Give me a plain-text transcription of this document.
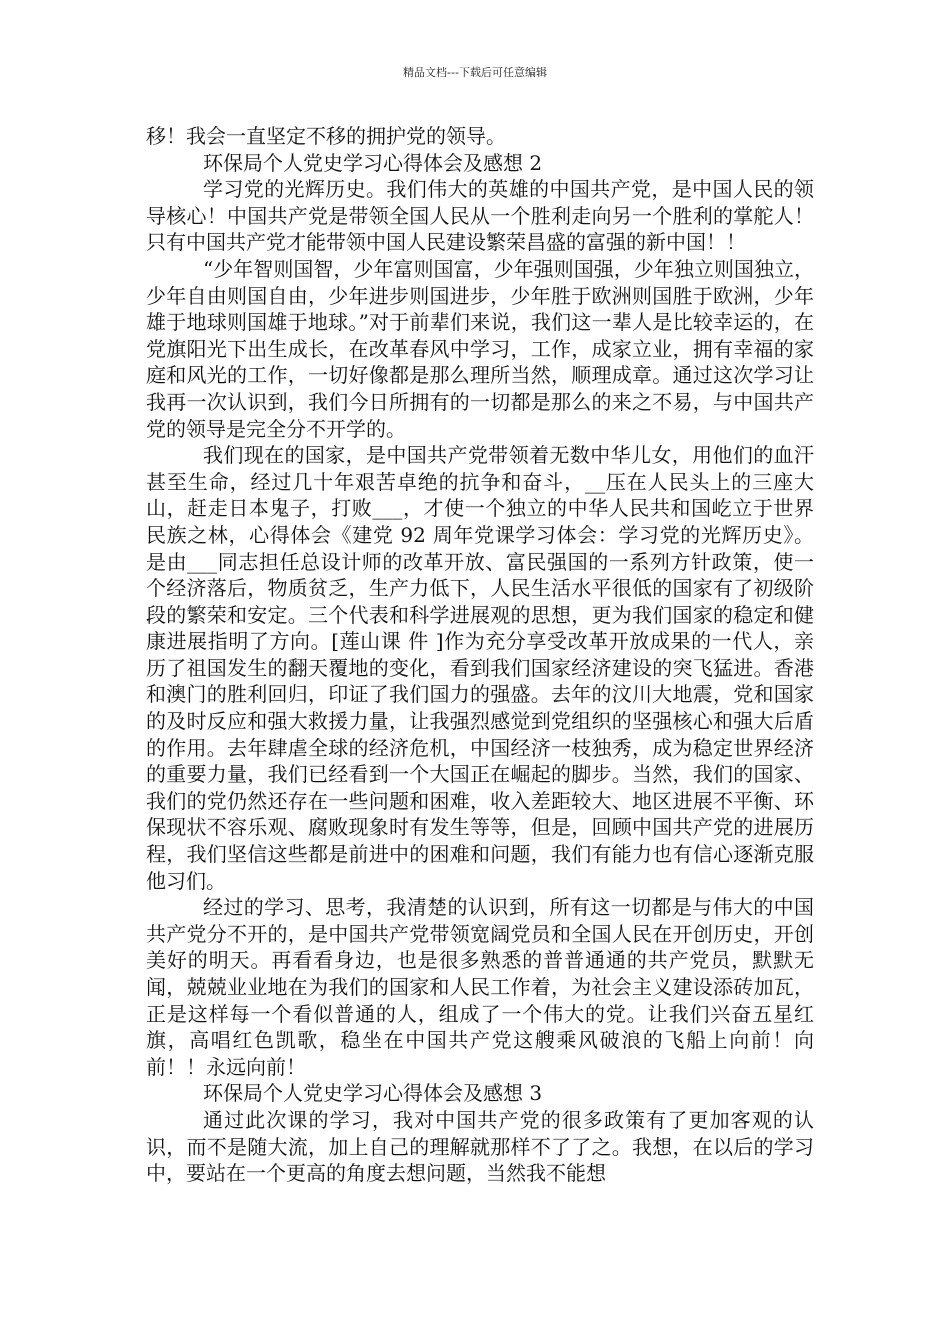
精品文档---下载后可任意编辑

移！我会一直坚定不移的拥护党的领导。

环保局个人党史学习心得体会及感想 2

学习党的光辉历史。我们伟大的英雄的中国共产党，是中国人民的领导核心！中国共产党是带领全国人民从一个胜利走向另一个胜利的掌舵人！只有中国共产党才能带领中国人民建设繁荣昌盛的富强的新中国！！

“少年智则国智，少年富则国富，少年强则国强，少年独立则国独立，少年自由则国自由，少年进步则国进步，少年胜于欧洲则国胜于欧洲，少年雄于地球则国雄于地球。”对于前辈们来说，我们这一辈人是比较幸运的，在党旗阳光下出生成长，在改革春风中学习，工作，成家立业，拥有幸福的家庭和风光的工作，一切好像都是那么理所当然，顺理成章。通过这次学习让我再一次认识到，我们今日所拥有的一切都是那么的来之不易，与中国共产党的领导是完全分不开学的。

我们现在的国家，是中国共产党带领着无数中华儿女，用他们的血汗甚至生命，经过几十年艰苦卓绝的抗争和奋斗，__压在人民头上的三座大山，赶走日本鬼子，打败___，才使一个独立的中华人民共和国屹立于世界民族之林，心得体会《建党 92 周年党课学习体会：学习党的光辉历史》。是由___同志担任总设计师的改革开放、富民强国的一系列方针政策，使一个经济落后，物质贫乏，生产力低下，人民生活水平很低的国家有了初级阶段的繁荣和安定。三个代表和科学进展观的思想，更为我们国家的稳定和健康进展指明了方向。[莲山课 件 ]作为充分享受改革开放成果的一代人，亲历了祖国发生的翻天覆地的变化，看到我们国家经济建设的突飞猛进。香港和澳门的胜利回归，印证了我们国力的强盛。去年的汶川大地震，党和国家的及时反应和强大救援力量，让我强烈感觉到党组织的坚强核心和强大后盾的作用。去年肆虐全球的经济危机，中国经济一枝独秀，成为稳定世界经济的重要力量，我们已经看到一个大国正在崛起的脚步。当然，我们的国家、我们的党仍然还存在一些问题和困难，收入差距较大、地区进展不平衡、环保现状不容乐观、腐败现象时有发生等等，但是，回顾中国共产党的进展历程，我们坚信这些都是前进中的困难和问题，我们有能力也有信心逐渐克服他习们。

经过的学习、思考，我清楚的认识到，所有这一切都是与伟大的中国共产党分不开的，是中国共产党带领宽阔党员和全国人民在开创历史，开创美好的明天。再看看身边，也是很多熟悉的普普通通的共产党员，默默无闻，兢兢业业地在为我们的国家和人民工作着，为社会主义建设添砖加瓦，正是这样每一个看似普通的人，组成了一个伟大的党。让我们兴奋五星红旗，高唱红色凯歌，稳坐在中国共产党这艘乘风破浪的飞船上向前！向前！！永远向前！

环保局个人党史学习心得体会及感想 3

通过此次课的学习，我对中国共产党的很多政策有了更加客观的认识，而不是随大流，加上自己的理解就那样不了了之。我想，在以后的学习中，要站在一个更高的角度去想问题，当然我不能想
